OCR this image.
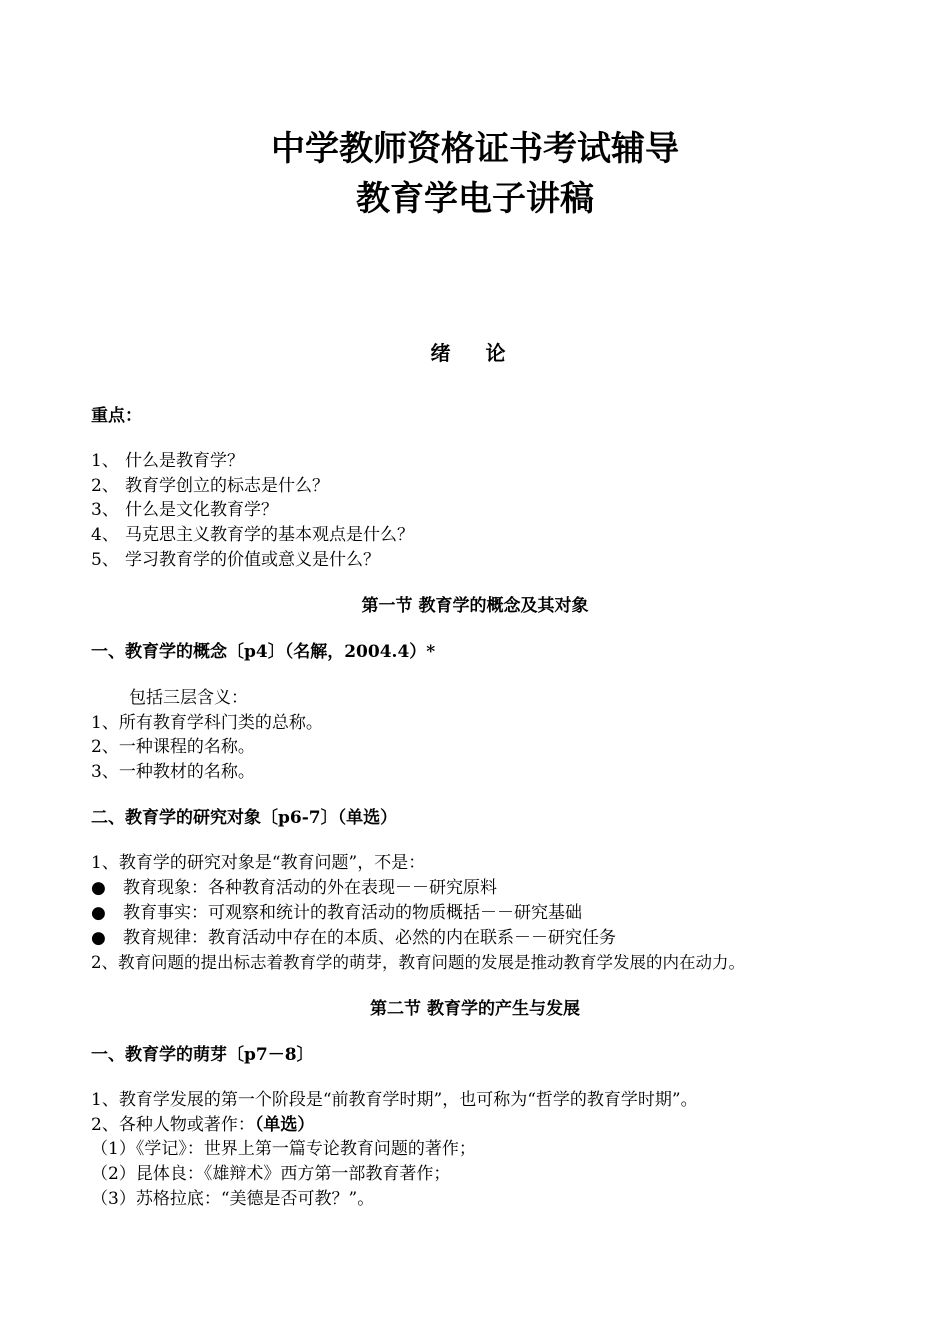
中学教师资格证书考试辅导
教育学电子讲稿
绪 论
重点：
1、 什么是教育学？
2、 教育学创立的标志是什么？
3、 什么是文化教育学？
4、 马克思主义教育学的基本观点是什么？
5、 学习教育学的价值或意义是什么？
第一节 教育学的概念及其对象
一、教育学的概念〔p4〕（名解，2004.4）*
包括三层含义：
1、所有教育学科门类的总称。
2、一种课程的名称。
3、一种教材的名称。
二、教育学的研究对象〔p6-7〕（单选）
1、教育学的研究对象是“教育问题”，不是：
● 教育现象：各种教育活动的外在表现－－研究原料
● 教育事实：可观察和统计的教育活动的物质概括－－研究基础
● 教育规律：教育活动中存在的本质、必然的内在联系－－研究任务
2、教育问题的提出标志着教育学的萌芽，教育问题的发展是推动教育学发展的内在动力。
第二节 教育学的产生与发展
一、教育学的萌芽〔p7－8〕
1、教育学发展的第一个阶段是“前教育学时期”，也可称为“哲学的教育学时期”。
2、各种人物或著作：（单选）
（1）《学记》：世界上第一篇专论教育问题的著作；
（2）昆体良：《雄辩术》西方第一部教育著作；
（3）苏格拉底：“美德是否可教？”。
